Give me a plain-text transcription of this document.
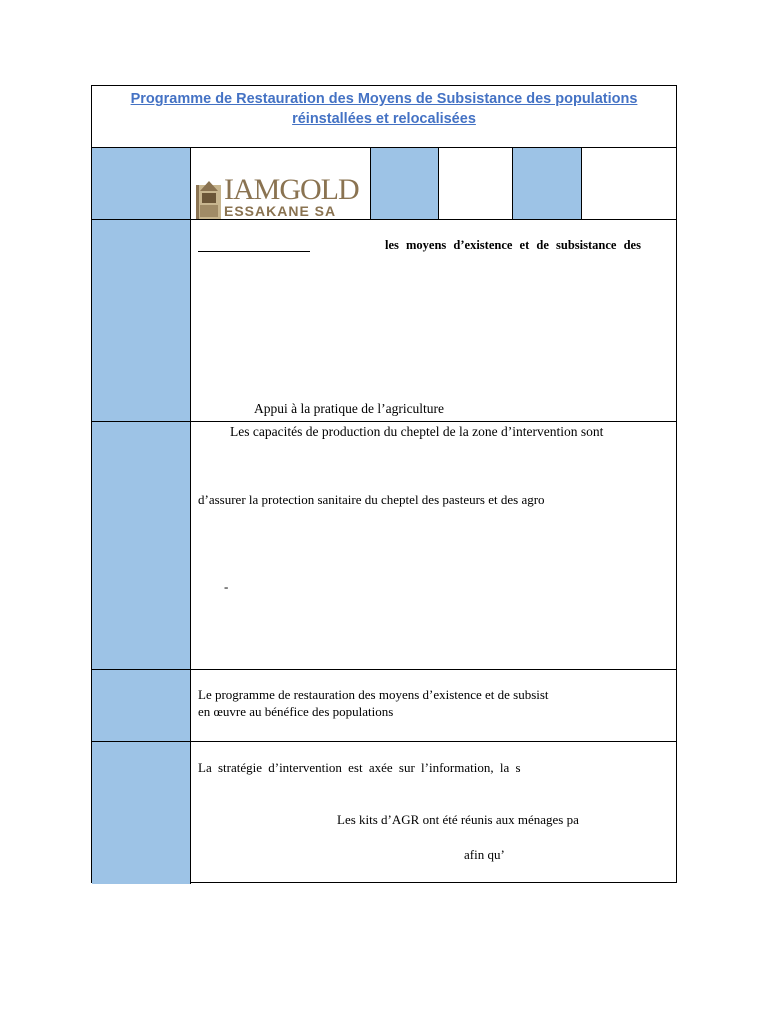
Programme de Restauration des Moyens de Subsistance des populations
réinstallées et relocalisées
IAMGOLD
ESSAKANE SA
les moyens d’existence et de subsistance des
Appui à la pratique de l’agriculture
Les capacités de production du cheptel de la zone d’intervention sont
d’assurer la protection sanitaire du cheptel des pasteurs et des agro
-
Le programme de restauration des moyens d’existence et de subsist
en œuvre au bénéfice des populations
La stratégie d’intervention est axée sur l’information, la s
Les kits d’AGR ont été réunis aux ménages pa
afin qu’
